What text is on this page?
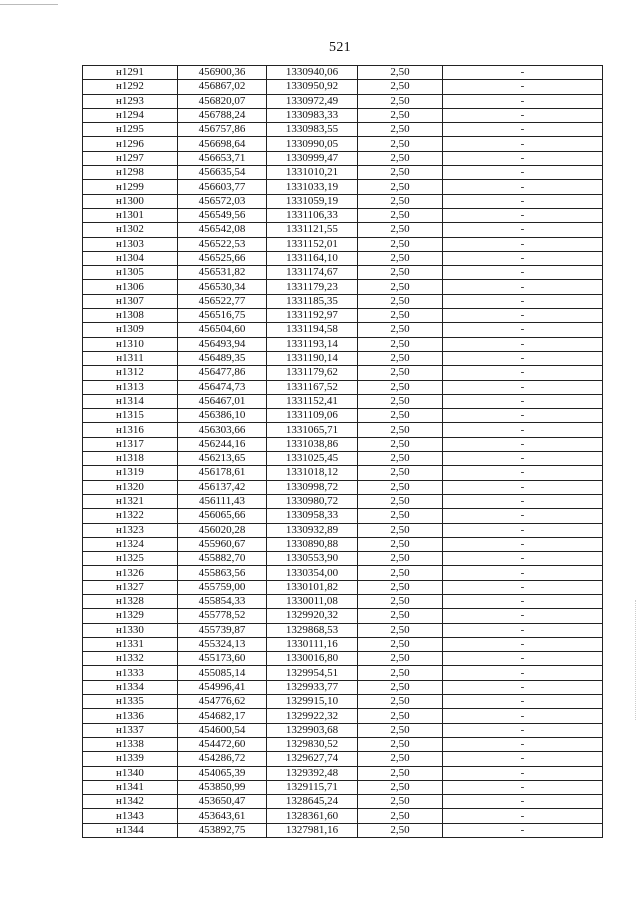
521
н1291	456900,36	1330940,06	2,50	-
н1292	456867,02	1330950,92	2,50	-
н1293	456820,07	1330972,49	2,50	-
н1294	456788,24	1330983,33	2,50	-
н1295	456757,86	1330983,55	2,50	-
н1296	456698,64	1330990,05	2,50	-
н1297	456653,71	1330999,47	2,50	-
н1298	456635,54	1331010,21	2,50	-
н1299	456603,77	1331033,19	2,50	-
н1300	456572,03	1331059,19	2,50	-
н1301	456549,56	1331106,33	2,50	-
н1302	456542,08	1331121,55	2,50	-
н1303	456522,53	1331152,01	2,50	-
н1304	456525,66	1331164,10	2,50	-
н1305	456531,82	1331174,67	2,50	-
н1306	456530,34	1331179,23	2,50	-
н1307	456522,77	1331185,35	2,50	-
н1308	456516,75	1331192,97	2,50	-
н1309	456504,60	1331194,58	2,50	-
н1310	456493,94	1331193,14	2,50	-
н1311	456489,35	1331190,14	2,50	-
н1312	456477,86	1331179,62	2,50	-
н1313	456474,73	1331167,52	2,50	-
н1314	456467,01	1331152,41	2,50	-
н1315	456386,10	1331109,06	2,50	-
н1316	456303,66	1331065,71	2,50	-
н1317	456244,16	1331038,86	2,50	-
н1318	456213,65	1331025,45	2,50	-
н1319	456178,61	1331018,12	2,50	-
н1320	456137,42	1330998,72	2,50	-
н1321	456111,43	1330980,72	2,50	-
н1322	456065,66	1330958,33	2,50	-
н1323	456020,28	1330932,89	2,50	-
н1324	455960,67	1330890,88	2,50	-
н1325	455882,70	1330553,90	2,50	-
н1326	455863,56	1330354,00	2,50	-
н1327	455759,00	1330101,82	2,50	-
н1328	455854,33	1330011,08	2,50	-
н1329	455778,52	1329920,32	2,50	-
н1330	455739,87	1329868,53	2,50	-
н1331	455324,13	1330111,16	2,50	-
н1332	455173,60	1330016,80	2,50	-
н1333	455085,14	1329954,51	2,50	-
н1334	454996,41	1329933,77	2,50	-
н1335	454776,62	1329915,10	2,50	-
н1336	454682,17	1329922,32	2,50	-
н1337	454600,54	1329903,68	2,50	-
н1338	454472,60	1329830,52	2,50	-
н1339	454286,72	1329627,74	2,50	-
н1340	454065,39	1329392,48	2,50	-
н1341	453850,99	1329115,71	2,50	-
н1342	453650,47	1328645,24	2,50	-
н1343	453643,61	1328361,60	2,50	-
н1344	453892,75	1327981,16	2,50	-
